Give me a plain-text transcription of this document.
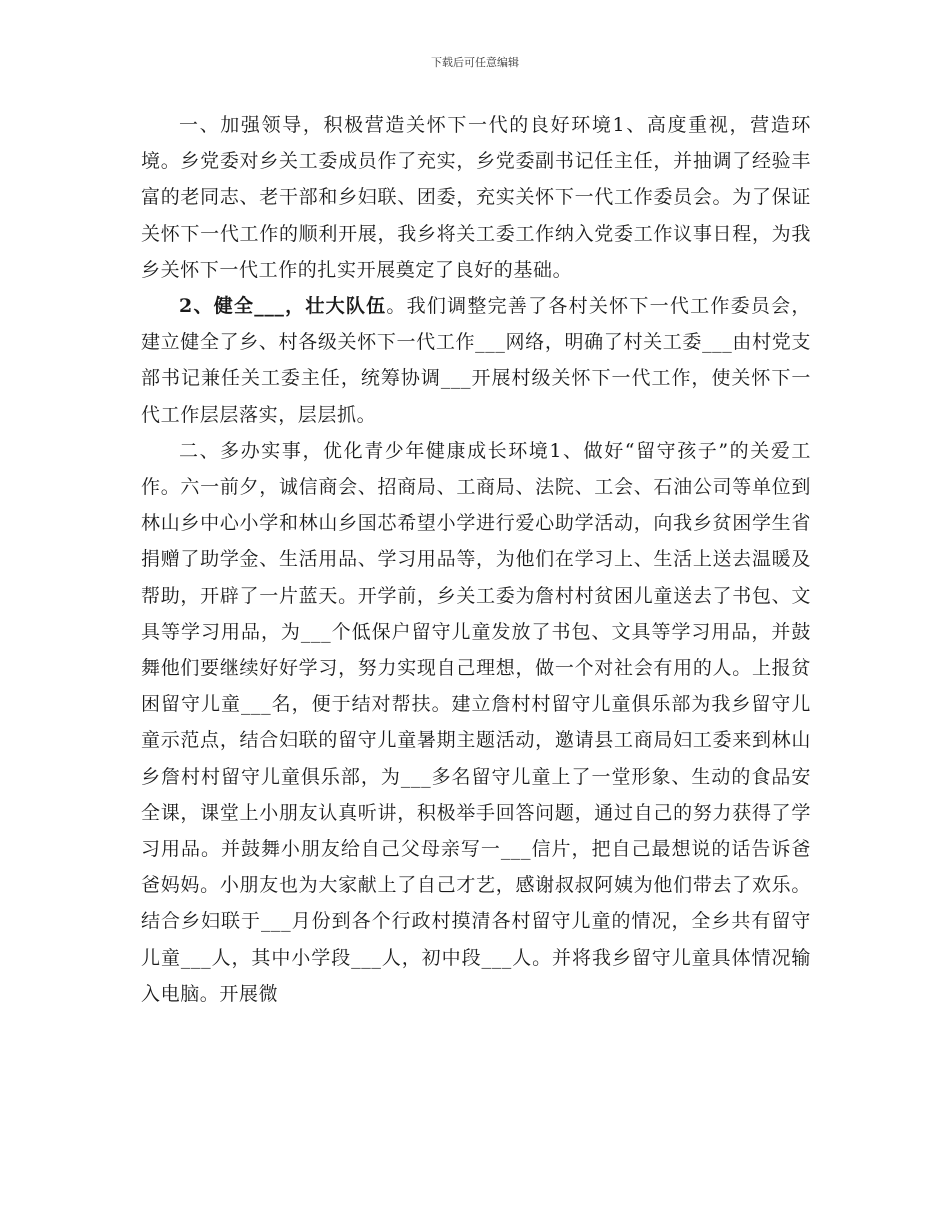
下载后可任意编辑

一、加强领导，积极营造关怀下一代的良好环境1、高度重视，营造环境。乡党委对乡关工委成员作了充实，乡党委副书记任主任，并抽调了经验丰富的老同志、老干部和乡妇联、团委，充实关怀下一代工作委员会。为了保证关怀下一代工作的顺利开展，我乡将关工委工作纳入党委工作议事日程，为我乡关怀下一代工作的扎实开展奠定了良好的基础。

2、健全___，壮大队伍。我们调整完善了各村关怀下一代工作委员会，建立健全了乡、村各级关怀下一代工作___网络，明确了村关工委___由村党支部书记兼任关工委主任，统筹协调___开展村级关怀下一代工作，使关怀下一代工作层层落实，层层抓。

二、多办实事，优化青少年健康成长环境1、做好“留守孩子”的关爱工作。六一前夕，诚信商会、招商局、工商局、法院、工会、石油公司等单位到林山乡中心小学和林山乡国芯希望小学进行爱心助学活动，向我乡贫困学生省捐赠了助学金、生活用品、学习用品等，为他们在学习上、生活上送去温暖及帮助，开辟了一片蓝天。开学前，乡关工委为詹村村贫困儿童送去了书包、文具等学习用品，为___个低保户留守儿童发放了书包、文具等学习用品，并鼓舞他们要继续好好学习，努力实现自己理想，做一个对社会有用的人。上报贫困留守儿童___名，便于结对帮扶。建立詹村村留守儿童俱乐部为我乡留守儿童示范点，结合妇联的留守儿童暑期主题活动，邀请县工商局妇工委来到林山乡詹村村留守儿童俱乐部，为___多名留守儿童上了一堂形象、生动的食品安全课，课堂上小朋友认真听讲，积极举手回答问题，通过自己的努力获得了学习用品。并鼓舞小朋友给自己父母亲写一___信片，把自己最想说的话告诉爸爸妈妈。小朋友也为大家献上了自己才艺，感谢叔叔阿姨为他们带去了欢乐。结合乡妇联于___月份到各个行政村摸清各村留守儿童的情况，全乡共有留守儿童___人，其中小学段___人，初中段___人。并将我乡留守儿童具体情况输入电脑。开展微
